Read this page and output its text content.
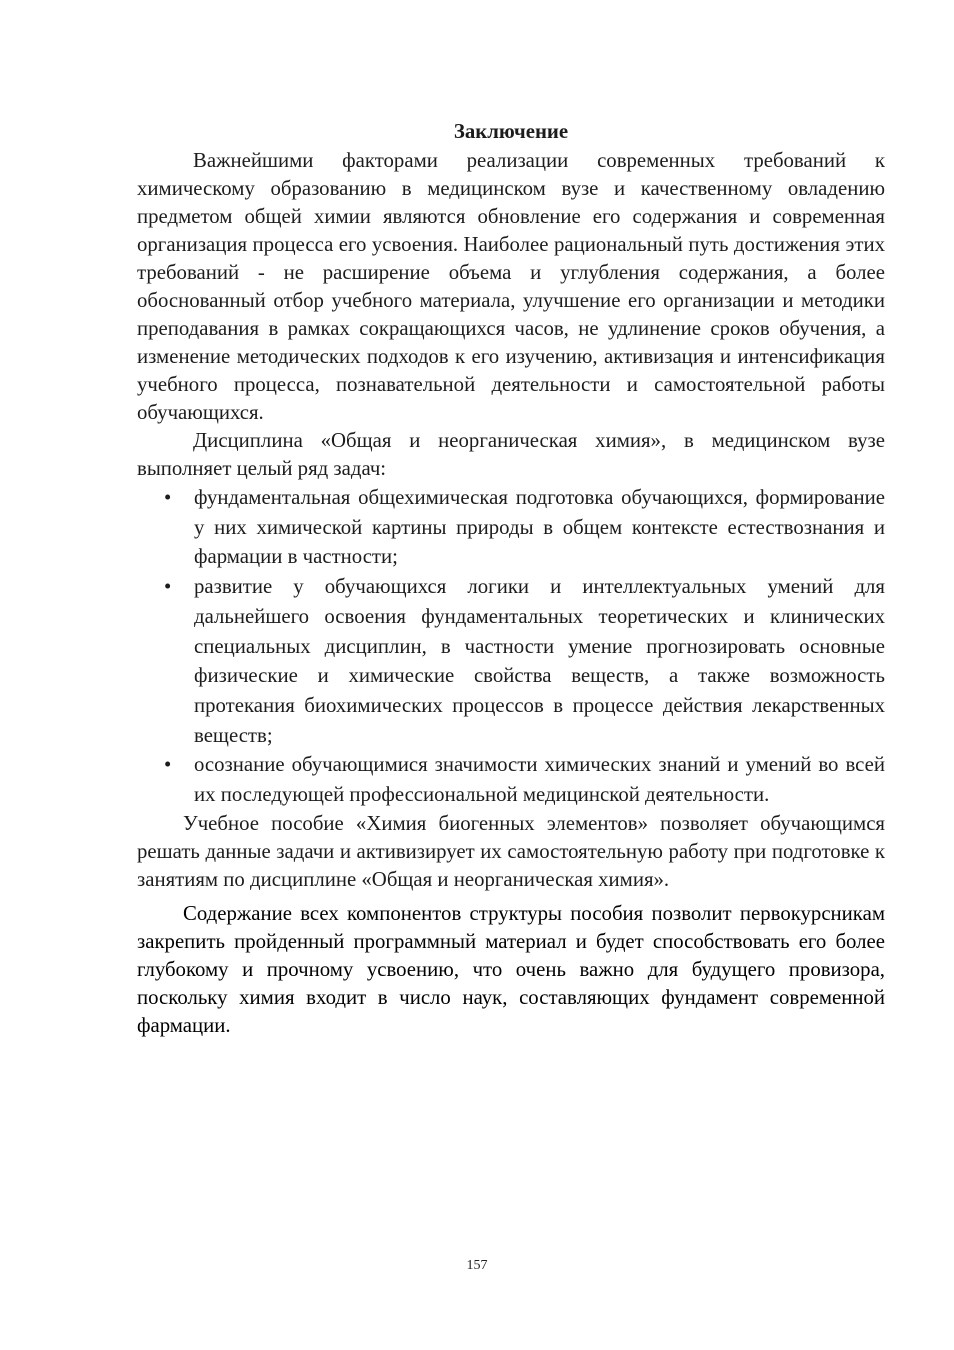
Заключение

Важнейшими факторами реализации современных требований к химическому образованию в медицинском вузе и качественному овладению предметом общей химии являются обновление его содержания и современная организация процесса его усвоения. Наиболее рациональный путь достижения этих требований - не расширение объема и углубления содержания, а более обоснованный отбор учебного материала, улучшение его организации и методики преподавания в рамках сокращающихся часов, не удлинение сроков обучения, а изменение методических подходов к его изучению, активизация и интенсификация учебного процесса, познавательной деятельности и самостоятельной работы обучающихся.

Дисциплина «Общая и неорганическая химия», в медицинском вузе выполняет целый ряд задач:

• фундаментальная общехимическая подготовка обучающихся, формирование у них химической картины природы в общем контексте естествознания и фармации в частности;
• развитие у обучающихся логики и интеллектуальных умений для дальнейшего освоения фундаментальных теоретических и клинических специальных дисциплин, в частности умение прогнозировать основные физические и химические свойства веществ, а также возможность протекания биохимических процессов в процессе действия лекарственных веществ;
• осознание обучающимися значимости химических знаний и умений во всей их последующей профессиональной медицинской деятельности.

Учебное пособие «Химия биогенных элементов» позволяет обучающимся решать данные задачи и активизирует их самостоятельную работу при подготовке к занятиям по дисциплине «Общая и неорганическая химия».

Содержание всех компонентов структуры пособия позволит первокурсникам закрепить пройденный программный материал и будет способствовать его более глубокому и прочному усвоению, что очень важно для будущего провизора, поскольку химия входит в число наук, составляющих фундамент современной фармации.

157
